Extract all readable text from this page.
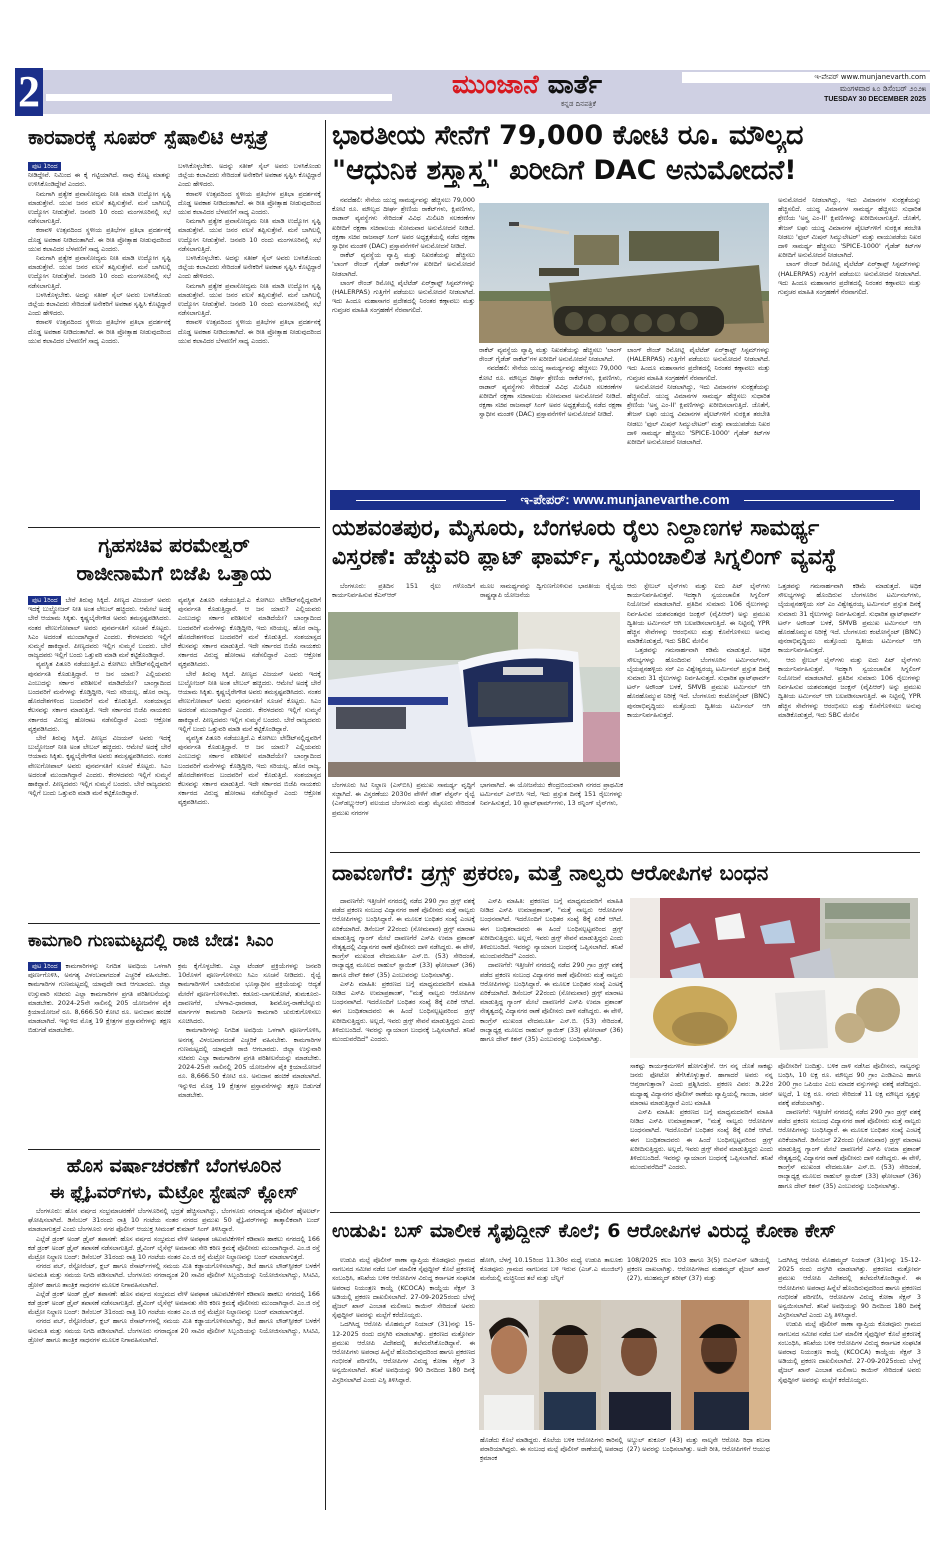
2	ಮುಂಜಾನೆ ವಾರ್ತೆ
ಕನ್ನಡ ದಿನಪತ್ರಿಕೆ
ಇ-ಪೇಪರ್ www.munjanevarth.com
ಮಂಗಳವಾರ ೩೦ ಡಿಸೆಂಬರ್ ೨೦೨೫
TUESDAY 30 DECEMBER 2025
ಕಾರವಾರಕ್ಕೆ ಸೂಪರ್ ಸ್ಪೆಷಾಲಿಟಿ ಆಸ್ಪತ್ರೆ

ಪುಟ 1ರಿಂದ

ನೀಡಿದ್ದೇವೆ. ನಿಮಿಂದ ಈ ಕೈ ಗಟ್ಟಿಯಾಗಿದೆ. ನಾವು ಕೊಟ್ಟ ಮಾತನ್ನು ಉಳಿಸಿಕೊಂಡಿದ್ದೇವೆ ಎಂದರು.

ನಿಮಗಾಗಿ ಪ್ರತ್ಯೇಕ ಪ್ರವಾಸೋದ್ಯಮ ನೀತಿ ಮಾಡಿ ಉದ್ಯೋಗ ಸೃಷ್ಟಿ ಮಾಡುತ್ತೇವೆ. ಯುವ ಜನರ ವಲಸೆ ತಪ್ಪಿಸುತ್ತೇವೆ. ಮನೆ ಬಾಗಿಲಲ್ಲಿ ಉದ್ಯೋಗ ನೀಡುತ್ತೇವೆ. ಜನವರಿ 10 ರಂದು ಮಂಗಳೂರಿನಲ್ಲಿ ಸಭೆ ನಡೆಸಲಾಗುತ್ತಿದೆ.

ಕರಾವಳಿ ಉತ್ಸವದಿಂದ ಸ್ಥಳೀಯ ಪ್ರತಿಭೆಗಳ ಪ್ರತಿಭಾ ಪ್ರದರ್ಶನಕ್ಕೆ ದೊಡ್ಡ ಅವಕಾಶ ನೀಡಿದಂತಾಗಿದೆ. ಈ ರೀತಿ ಪ್ರೋತ್ಸಾಹ ನೀಡುವುದರಿಂದ ಯುವ ಕಲಾವಿದರ ಬೆಳವಣಿಗೆ ಸಾಧ್ಯ ಎಂದರು.

ನಿಮಗಾಗಿ ಪ್ರತ್ಯೇಕ ಪ್ರವಾಸೋದ್ಯಮ ನೀತಿ ಮಾಡಿ ಉದ್ಯೋಗ ಸೃಷ್ಟಿ ಮಾಡುತ್ತೇವೆ. ಯುವ ಜನರ ವಲಸೆ ತಪ್ಪಿಸುತ್ತೇವೆ. ಮನೆ ಬಾಗಿಲಲ್ಲಿ ಉದ್ಯೋಗ ನೀಡುತ್ತೇವೆ. ಜನವರಿ 10 ರಂದು ಮಂಗಳೂರಿನಲ್ಲಿ ಸಭೆ ನಡೆಸಲಾಗುತ್ತಿದೆ.

ಬಳಸಿಕೊಳ್ಳಬೇಕು. ಅದನ್ನು ಸತೀಶ್ ಸೈಲ್ ಅವರು ಬಳಸಿಕೊಂಡು ಜಿಲ್ಲೆಯ ಕಲಾವಿದರು ಸೇರಿದಂತೆ ಅನೇಕರಿಗೆ ಅವಕಾಶ ಸೃಷ್ಟಿಸಿ ಕೊಟ್ಟಿದ್ದಾರೆ ಎಂದು ಹೇಳಿದರು.

ಕರಾವಳಿ ಉತ್ಸವದಿಂದ ಸ್ಥಳೀಯ ಪ್ರತಿಭೆಗಳ ಪ್ರತಿಭಾ ಪ್ರದರ್ಶನಕ್ಕೆ ದೊಡ್ಡ ಅವಕಾಶ ನೀಡಿದಂತಾಗಿದೆ. ಈ ರೀತಿ ಪ್ರೋತ್ಸಾಹ ನೀಡುವುದರಿಂದ ಯುವ ಕಲಾವಿದರ ಬೆಳವಣಿಗೆ ಸಾಧ್ಯ ಎಂದರು.

ಬಳಸಿಕೊಳ್ಳಬೇಕು. ಅದನ್ನು ಸತೀಶ್ ಸೈಲ್ ಅವರು ಬಳಸಿಕೊಂಡು ಜಿಲ್ಲೆಯ ಕಲಾವಿದರು ಸೇರಿದಂತೆ ಅನೇಕರಿಗೆ ಅವಕಾಶ ಸೃಷ್ಟಿಸಿ ಕೊಟ್ಟಿದ್ದಾರೆ ಎಂದು ಹೇಳಿದರು.

ಕರಾವಳಿ ಉತ್ಸವದಿಂದ ಸ್ಥಳೀಯ ಪ್ರತಿಭೆಗಳ ಪ್ರತಿಭಾ ಪ್ರದರ್ಶನಕ್ಕೆ ದೊಡ್ಡ ಅವಕಾಶ ನೀಡಿದಂತಾಗಿದೆ. ಈ ರೀತಿ ಪ್ರೋತ್ಸಾಹ ನೀಡುವುದರಿಂದ ಯುವ ಕಲಾವಿದರ ಬೆಳವಣಿಗೆ ಸಾಧ್ಯ ಎಂದರು.

ನಿಮಗಾಗಿ ಪ್ರತ್ಯೇಕ ಪ್ರವಾಸೋದ್ಯಮ ನೀತಿ ಮಾಡಿ ಉದ್ಯೋಗ ಸೃಷ್ಟಿ ಮಾಡುತ್ತೇವೆ. ಯುವ ಜನರ ವಲಸೆ ತಪ್ಪಿಸುತ್ತೇವೆ. ಮನೆ ಬಾಗಿಲಲ್ಲಿ ಉದ್ಯೋಗ ನೀಡುತ್ತೇವೆ. ಜನವರಿ 10 ರಂದು ಮಂಗಳೂರಿನಲ್ಲಿ ಸಭೆ ನಡೆಸಲಾಗುತ್ತಿದೆ.

ಬಳಸಿಕೊಳ್ಳಬೇಕು. ಅದನ್ನು ಸತೀಶ್ ಸೈಲ್ ಅವರು ಬಳಸಿಕೊಂಡು ಜಿಲ್ಲೆಯ ಕಲಾವಿದರು ಸೇರಿದಂತೆ ಅನೇಕರಿಗೆ ಅವಕಾಶ ಸೃಷ್ಟಿಸಿ ಕೊಟ್ಟಿದ್ದಾರೆ ಎಂದು ಹೇಳಿದರು.

ನಿಮಗಾಗಿ ಪ್ರತ್ಯೇಕ ಪ್ರವಾಸೋದ್ಯಮ ನೀತಿ ಮಾಡಿ ಉದ್ಯೋಗ ಸೃಷ್ಟಿ ಮಾಡುತ್ತೇವೆ. ಯುವ ಜನರ ವಲಸೆ ತಪ್ಪಿಸುತ್ತೇವೆ. ಮನೆ ಬಾಗಿಲಲ್ಲಿ ಉದ್ಯೋಗ ನೀಡುತ್ತೇವೆ. ಜನವರಿ 10 ರಂದು ಮಂಗಳೂರಿನಲ್ಲಿ ಸಭೆ ನಡೆಸಲಾಗುತ್ತಿದೆ.

ಕರಾವಳಿ ಉತ್ಸವದಿಂದ ಸ್ಥಳೀಯ ಪ್ರತಿಭೆಗಳ ಪ್ರತಿಭಾ ಪ್ರದರ್ಶನಕ್ಕೆ ದೊಡ್ಡ ಅವಕಾಶ ನೀಡಿದಂತಾಗಿದೆ. ಈ ರೀತಿ ಪ್ರೋತ್ಸಾಹ ನೀಡುವುದರಿಂದ ಯುವ ಕಲಾವಿದರ ಬೆಳವಣಿಗೆ ಸಾಧ್ಯ ಎಂದರು.

ಭಾರತೀಯ ಸೇನೆಗೆ 79,000 ಕೋಟಿ ರೂ. ಮೌಲ್ಯದ
"ಆಧುನಿಕ ಶಸ್ತ್ರಾಸ್ತ್ರ" ಖರೀದಿಗೆ DAC ಅನುಮೋದನೆ!

ನವದೆಹಲಿ: ಸೇನೆಯ ಯುದ್ಧ ಸಾಮರ್ಥ್ಯವನ್ನು ಹೆಚ್ಚಿಸಲು 79,000 ಕೋಟಿ ರೂ. ಮೌಲ್ಯದ ದೀರ್ಘ ಶ್ರೇಣಿಯ ರಾಕೆಟ್‌ಗಳು, ಕ್ಷಿಪಣಿಗಳು, ರಾಡಾರ್ ವ್ಯವಸ್ಥೆಗಳು ಸೇರಿದಂತೆ ವಿವಿಧ ಮಿಲಿಟರಿ ಸಲಕರಣೆಗಳ ಖರೀದಿಗೆ ರಕ್ಷಣಾ ಸಚಿವಾಲಯ ಸೋಮವಾರ ಅನುಮೋದನೆ ನೀಡಿದೆ. ರಕ್ಷಣಾ ಸಚಿವ ರಾಜನಾಥ್ ಸಿಂಗ್ ಅವರ ಅಧ್ಯಕ್ಷತೆಯಲ್ಲಿ ನಡೆದ ರಕ್ಷಣಾ ಸ್ವಾಧೀನ ಮಂಡಳಿ (DAC) ಪ್ರಸ್ತಾವನೆಗಳಿಗೆ ಅನುಮೋದನೆ ನೀಡಿದೆ.

ರಾಕೆಟ್ ವ್ಯವಸ್ಥೆಯ ವ್ಯಾಪ್ತಿ ಮತ್ತು ನಿಖರತೆಯನ್ನು ಹೆಚ್ಚಿಸಲು 'ಲಾಂಗ್ ರೇಂಜ್ ಗೈಡೆಡ್ ರಾಕೆಟ್'ಗಳ ಖರೀದಿಗೆ ಅನುಮೋದನೆ ನೀಡಲಾಗಿದೆ.

ಲಾಂಗ್ ರೇಂಜ್ ರಿಮೋಟ್ಲಿ ಪೈಲೆಟೆಡ್ ಏರ್‌ಕ್ರಾಫ್ಟ್ ಸಿಸ್ಟಮ್‌ಗಳನ್ನು (HALERPAS) ಗುತ್ತಿಗೆಗೆ ಪಡೆಯಲು ಅನುಮೋದನೆ ನೀಡಲಾಗಿದೆ. ಇದು ಹಿಂದೂ ಮಹಾಸಾಗರ ಪ್ರದೇಶದಲ್ಲಿ ನಿರಂತರ ಕಣ್ಗಾವಲು ಮತ್ತು ಗುಪ್ತಚರ ಮಾಹಿತಿ ಸಂಗ್ರಹಣೆಗೆ ನೆರವಾಗಲಿದೆ.

ರಾಕೆಟ್ ವ್ಯವಸ್ಥೆಯ ವ್ಯಾಪ್ತಿ ಮತ್ತು ನಿಖರತೆಯನ್ನು ಹೆಚ್ಚಿಸಲು 'ಲಾಂಗ್ ರೇಂಜ್ ಗೈಡೆಡ್ ರಾಕೆಟ್'ಗಳ ಖರೀದಿಗೆ ಅನುಮೋದನೆ ನೀಡಲಾಗಿದೆ.

ನವದೆಹಲಿ: ಸೇನೆಯ ಯುದ್ಧ ಸಾಮರ್ಥ್ಯವನ್ನು ಹೆಚ್ಚಿಸಲು 79,000 ಕೋಟಿ ರೂ. ಮೌಲ್ಯದ ದೀರ್ಘ ಶ್ರೇಣಿಯ ರಾಕೆಟ್‌ಗಳು, ಕ್ಷಿಪಣಿಗಳು, ರಾಡಾರ್ ವ್ಯವಸ್ಥೆಗಳು ಸೇರಿದಂತೆ ವಿವಿಧ ಮಿಲಿಟರಿ ಸಲಕರಣೆಗಳ ಖರೀದಿಗೆ ರಕ್ಷಣಾ ಸಚಿವಾಲಯ ಸೋಮವಾರ ಅನುಮೋದನೆ ನೀಡಿದೆ. ರಕ್ಷಣಾ ಸಚಿವ ರಾಜನಾಥ್ ಸಿಂಗ್ ಅವರ ಅಧ್ಯಕ್ಷತೆಯಲ್ಲಿ ನಡೆದ ರಕ್ಷಣಾ ಸ್ವಾಧೀನ ಮಂಡಳಿ (DAC) ಪ್ರಸ್ತಾವನೆಗಳಿಗೆ ಅನುಮೋದನೆ ನೀಡಿದೆ.

ಲಾಂಗ್ ರೇಂಜ್ ರಿಮೋಟ್ಲಿ ಪೈಲೆಟೆಡ್ ಏರ್‌ಕ್ರಾಫ್ಟ್ ಸಿಸ್ಟಮ್‌ಗಳನ್ನು (HALERPAS) ಗುತ್ತಿಗೆಗೆ ಪಡೆಯಲು ಅನುಮೋದನೆ ನೀಡಲಾಗಿದೆ. ಇದು ಹಿಂದೂ ಮಹಾಸಾಗರ ಪ್ರದೇಶದಲ್ಲಿ ನಿರಂತರ ಕಣ್ಗಾವಲು ಮತ್ತು ಗುಪ್ತಚರ ಮಾಹಿತಿ ಸಂಗ್ರಹಣೆಗೆ ನೆರವಾಗಲಿದೆ.

ಅನುಮೋದನೆ ನೀಡಲಾಗಿದ್ದು, ಇದು ವಿಮಾನಗಳ ಸುರಕ್ಷತೆಯನ್ನು ಹೆಚ್ಚಿಸಲಿದೆ. ಯುದ್ಧ ವಿಮಾನಗಳ ಸಾಮರ್ಥ್ಯ ಹೆಚ್ಚಿಸಲು ಸುಧಾರಿತ ಶ್ರೇಣಿಯ 'ಅಸ್ತ್ರ ಎಂ-II' ಕ್ಷಿಪಣಿಗಳನ್ನು ಖರೀದಿಸಲಾಗುತ್ತಿದೆ. ಜೊತೆಗೆ, ತೇಜಸ್ ಲಘು ಯುದ್ಧ ವಿಮಾನಗಳ ಪೈಲಟ್‌ಗಳಿಗೆ ಸುರಕ್ಷಿತ ತರಬೇತಿ ನೀಡಲು 'ಫುಲ್ ಮಿಷನ್ ಸಿಮ್ಯುಲೇಟರ್' ಮತ್ತು ವಾಯುಪಡೆಯ ನಿಖರ ದಾಳಿ ಸಾಮರ್ಥ್ಯ ಹೆಚ್ಚಿಸಲು 'SPICE-1000' ಗೈಡೆಡ್ ಕಿಟ್‌ಗಳ ಖರೀದಿಗೆ ಅನುಮೋದನೆ ನೀಡಲಾಗಿದೆ.

ಅನುಮೋದನೆ ನೀಡಲಾಗಿದ್ದು, ಇದು ವಿಮಾನಗಳ ಸುರಕ್ಷತೆಯನ್ನು ಹೆಚ್ಚಿಸಲಿದೆ. ಯುದ್ಧ ವಿಮಾನಗಳ ಸಾಮರ್ಥ್ಯ ಹೆಚ್ಚಿಸಲು ಸುಧಾರಿತ ಶ್ರೇಣಿಯ 'ಅಸ್ತ್ರ ಎಂ-II' ಕ್ಷಿಪಣಿಗಳನ್ನು ಖರೀದಿಸಲಾಗುತ್ತಿದೆ. ಜೊತೆಗೆ, ತೇಜಸ್ ಲಘು ಯುದ್ಧ ವಿಮಾನಗಳ ಪೈಲಟ್‌ಗಳಿಗೆ ಸುರಕ್ಷಿತ ತರಬೇತಿ ನೀಡಲು 'ಫುಲ್ ಮಿಷನ್ ಸಿಮ್ಯುಲೇಟರ್' ಮತ್ತು ವಾಯುಪಡೆಯ ನಿಖರ ದಾಳಿ ಸಾಮರ್ಥ್ಯ ಹೆಚ್ಚಿಸಲು 'SPICE-1000' ಗೈಡೆಡ್ ಕಿಟ್‌ಗಳ ಖರೀದಿಗೆ ಅನುಮೋದನೆ ನೀಡಲಾಗಿದೆ.

ಲಾಂಗ್ ರೇಂಜ್ ರಿಮೋಟ್ಲಿ ಪೈಲೆಟೆಡ್ ಏರ್‌ಕ್ರಾಫ್ಟ್ ಸಿಸ್ಟಮ್‌ಗಳನ್ನು (HALERPAS) ಗುತ್ತಿಗೆಗೆ ಪಡೆಯಲು ಅನುಮೋದನೆ ನೀಡಲಾಗಿದೆ. ಇದು ಹಿಂದೂ ಮಹಾಸಾಗರ ಪ್ರದೇಶದಲ್ಲಿ ನಿರಂತರ ಕಣ್ಗಾವಲು ಮತ್ತು ಗುಪ್ತಚರ ಮಾಹಿತಿ ಸಂಗ್ರಹಣೆಗೆ ನೆರವಾಗಲಿದೆ.

ಇ-ಪೇಪರ್: www.munjanevarthe.com
ಯಶವಂತಪುರ, ಮೈಸೂರು, ಬೆಂಗಳೂರು ರೈಲು ನಿಲ್ದಾಣಗಳ ಸಾಮರ್ಥ್ಯ
ವಿಸ್ತರಣೆ: ಹೆಚ್ಚುವರಿ ಪ್ಲಾಟ್ ಫಾರ್ಮ್, ಸ್ವಯಂಚಾಲಿತ ಸಿಗ್ನಲಿಂಗ್ ವ್ಯವಸ್ಥೆ

ಬೆಂಗಳೂರು: ಪ್ರತಿದಿನ 151 ರೈಲು ಗಳೊಂದಿಗೆ ಕಾರ್ಯನಿರ್ವಹಿಸುವ ಕೆಎಸ್ಆರ್

ಮೂಲ ಸಾಮರ್ಥ್ಯವನ್ನು ದ್ವಿಗುಣಗೊಳಿಸುವ ಭಾರತೀಯ ರೈಲ್ವೆಯ ರಾಷ್ಟ್ರವ್ಯಾಪಿ ಯೋಜನೆಯ

ಬೆಂಗಳೂರು ಸಿಟಿ ನಿಲ್ದಾಣ (ಎಸ್‌ಬಿಸಿ) ಪ್ರಮುಖ ಸಾಮರ್ಥ್ಯ ವೃದ್ಧಿಗೆ ಸಜ್ಜಾಗಿದೆ. ಈ ವಿಸ್ತರಣೆಯು 2030ರ ವೇಳೆಗೆ ಸೌತ್ ವೆಸ್ಟರ್ನ್ ರೈಲ್ವೆ (ಎಸ್‌ಡಬ್ಲ್ಯುಆರ್) ವಲಯದ ಬೆಂಗಳೂರು ಮತ್ತು ಮೈಸೂರು ಸೇರಿದಂತೆ ಪ್ರಮುಖ ನಗರಗಳ

ಭಾಗವಾಗಿದೆ. ಈ ಯೋಜನೆಯು ಕೇಂದ್ರಬಿಂದುವಾಗಿ ನಗರದ ಪ್ರಾಥಮಿಕ ಟರ್ಮಿನಲ್ ಎಸ್‌ಬಿಸಿ ಇದೆ, ಇದು ಪ್ರಸ್ತುತ ದಿನಕ್ಕೆ 151 ರೈಲುಗಳನ್ನು ನಿರ್ವಹಿಸುತ್ತದೆ, 10 ಪ್ಲಾಟ್‌ಫಾರ್ಮ್‌ಗಳು, 13 ರನ್ನಿಂಗ್ ಲೈನ್‌ಗಳು,

ಆರು ಸ್ಟೇಬಲ್ ಲೈನ್‌ಗಳು ಮತ್ತು ಐದು ಪಿಟ್ ಲೈನ್‌ಗಳು ಕಾರ್ಯನಿರ್ವಹಿಸುತ್ತವೆ. ಇದಕ್ಕಾಗಿ ಸ್ವಯಂಚಾಲಿತ ಸಿಗ್ನಲಿಂಗ್ ನಿಯೋಜನೆ ಮಾಡಲಾಗಿದೆ. ಪ್ರತಿದಿನ ಸುಮಾರು 106 ರೈಲುಗಳನ್ನು ನಿರ್ವಹಿಸುವ ಯಶವಂತಪುರ ಜಂಕ್ಷನ್ (ವೈಪಿಆರ್) ಅನ್ನು ಪ್ರಮುಖ ದ್ವಿತೀಯ ಟರ್ಮಿನಲ್ ಆಗಿ ಬಲಪಡಿಸಲಾಗುತ್ತಿದೆ. ಈ ನಿಟ್ಟಿನಲ್ಲಿ YPR ಹೆಚ್ಚಿನ ಸೇವೆಗಳನ್ನು ಆರಂಭಿಸಲು ಮತ್ತು ಕೊನೆಗೊಳಿಸಲು ಅನುವು ಮಾಡಿಕೊಡುತ್ತದೆ, ಇದು SBC ಮೇಲಿನ

ಒತ್ತಡವನ್ನು ಗಮನಾರ್ಹವಾಗಿ ಕಡಿಮೆ ಮಾಡುತ್ತದೆ. ಅಧಿಕ ಸೌಲಭ್ಯಗಳನ್ನು ಹೊಂದಿರುವ ಬೆಂಗಳೂರಿನ ಟರ್ಮಿನಲ್‌ಗಳು, ಬೈಯಪ್ಪನಹಳ್ಳಿಯ ಸರ್ ಎಂ ವಿಶ್ವೇಶ್ವರಯ್ಯ ಟರ್ಮಿನಲ್ ಪ್ರಸ್ತುತ ದಿನಕ್ಕೆ ಸುಮಾರು 31 ರೈಲುಗಳನ್ನು ನಿರ್ವಹಿಸುತ್ತದೆ. ಸುಧಾರಿತ ಪ್ಲಾಟ್‌ಫಾರ್ಮ್ ಟರ್ನ್ ಅರೌಂಡ್ ಬಳಕೆ, SMVB ಪ್ರಮುಖ ಟರ್ಮಿನಲ್ ಆಗಿ ಹೊರಹೊಮ್ಮುವ ನಿರೀಕ್ಷೆ ಇದೆ. ಬೆಂಗಳೂರು ಕಂಟೋನ್ಮೆಂಟ್ (BNC) ಪುನರಾಭಿವೃದ್ಧಿಯು ಮತ್ತೊಂದು ದ್ವಿತೀಯ ಟರ್ಮಿನಲ್ ಆಗಿ ಕಾರ್ಯನಿರ್ವಹಿಸುತ್ತದೆ.

ಒತ್ತಡವನ್ನು ಗಮನಾರ್ಹವಾಗಿ ಕಡಿಮೆ ಮಾಡುತ್ತದೆ. ಅಧಿಕ ಸೌಲಭ್ಯಗಳನ್ನು ಹೊಂದಿರುವ ಬೆಂಗಳೂರಿನ ಟರ್ಮಿನಲ್‌ಗಳು, ಬೈಯಪ್ಪನಹಳ್ಳಿಯ ಸರ್ ಎಂ ವಿಶ್ವೇಶ್ವರಯ್ಯ ಟರ್ಮಿನಲ್ ಪ್ರಸ್ತುತ ದಿನಕ್ಕೆ ಸುಮಾರು 31 ರೈಲುಗಳನ್ನು ನಿರ್ವಹಿಸುತ್ತದೆ. ಸುಧಾರಿತ ಪ್ಲಾಟ್‌ಫಾರ್ಮ್ ಟರ್ನ್ ಅರೌಂಡ್ ಬಳಕೆ, SMVB ಪ್ರಮುಖ ಟರ್ಮಿನಲ್ ಆಗಿ ಹೊರಹೊಮ್ಮುವ ನಿರೀಕ್ಷೆ ಇದೆ. ಬೆಂಗಳೂರು ಕಂಟೋನ್ಮೆಂಟ್ (BNC) ಪುನರಾಭಿವೃದ್ಧಿಯು ಮತ್ತೊಂದು ದ್ವಿತೀಯ ಟರ್ಮಿನಲ್ ಆಗಿ ಕಾರ್ಯನಿರ್ವಹಿಸುತ್ತದೆ.

ಆರು ಸ್ಟೇಬಲ್ ಲೈನ್‌ಗಳು ಮತ್ತು ಐದು ಪಿಟ್ ಲೈನ್‌ಗಳು ಕಾರ್ಯನಿರ್ವಹಿಸುತ್ತವೆ. ಇದಕ್ಕಾಗಿ ಸ್ವಯಂಚಾಲಿತ ಸಿಗ್ನಲಿಂಗ್ ನಿಯೋಜನೆ ಮಾಡಲಾಗಿದೆ. ಪ್ರತಿದಿನ ಸುಮಾರು 106 ರೈಲುಗಳನ್ನು ನಿರ್ವಹಿಸುವ ಯಶವಂತಪುರ ಜಂಕ್ಷನ್ (ವೈಪಿಆರ್) ಅನ್ನು ಪ್ರಮುಖ ದ್ವಿತೀಯ ಟರ್ಮಿನಲ್ ಆಗಿ ಬಲಪಡಿಸಲಾಗುತ್ತಿದೆ. ಈ ನಿಟ್ಟಿನಲ್ಲಿ YPR ಹೆಚ್ಚಿನ ಸೇವೆಗಳನ್ನು ಆರಂಭಿಸಲು ಮತ್ತು ಕೊನೆಗೊಳಿಸಲು ಅನುವು ಮಾಡಿಕೊಡುತ್ತದೆ, ಇದು SBC ಮೇಲಿನ

ಗೃಹಸಚಿವ ಪರಮೇಶ್ವರ್
ರಾಜೀನಾಮೆಗೆ ಬಿಜೆಪಿ ಒತ್ತಾಯ

ಪುಟ 1ರಿಂದ ಬೇರೆ ತಿರುವು ಸಿಕ್ಕಿದೆ. ಪೀಣ್ಯದ ವಿಜಯನ್ ಅವರು ಇದಕ್ಕೆ ಬುಲ್ಡೋಜರ್ ನೀತಿ ಅಂತ ಲೇಬಲ್ ಹಚ್ಚಿದರು. ಆಮೇಲೆ ಅದಕ್ಕೆ ಬೇರೆ ಆಯಾಮ ಸಿಕ್ಕಿತು. ಕೃಷ್ಣಬೈರೇಗೌಡ ಅವರು ತಮಸ್ಪಷ್ಟಪಡಿಸಿದರು. ನಂತರ ವೇಣುಗೋಪಾಲ್ ಅವರು ಪುನರ್ವಸತಿಗೆ ಸೂಚನೆ ಕೊಟ್ಟರು. ಸಿಎಂ ಅದರಂತೆ ಮುಂದಾಗಿದ್ದಾರೆ ಎಂದರು. ಕೇರಳದವರು ಇಲ್ಲಿಗೆ ಸುಮ್ಮನೆ ಹಾಕಿದ್ದಾರೆ. ಪೀಣ್ಯದವರು ಇಲ್ಲಿಗ ಸುಮ್ಮನೆ ಬಂದರು. ಬೇರೆ ರಾಜ್ಯದವರು ಇಲ್ಲಿಗೆ ಬಂದು ಒತ್ತುವರಿ ಮಾಡಿ ಮನೆ ಕಟ್ಟಿಕೊಂಡಿದ್ದಾರೆ.

ವ್ಯವಸ್ಥಿತ ಪಿತೂರಿ ನಡೆಯುತ್ತಿದೆ.ಎ ಕೋಗಿಲು ಲೇಔಟ್‌ನಲ್ಲಿದ್ದವರಿಗೆ ಪುನರ್ವಸತಿ ಕೊಡುತ್ತಿದ್ದಾರೆ. ಆ ಜನ ಯಾರು? ಎಲ್ಲಿಯವರು ಎಂಬುದನ್ನು ಸರ್ಕಾರ ಪರಿಶೀಲನೆ ಮಾಡಿದೆಯೇ? ಬಾಂಗ್ಲಾದಿಂದ ಬಂದವರಿಗೆ ಮನೆಗಳನ್ನು ಕೊಡ್ತಿದ್ದೀರಿ, ಇದು ಸರಿಯಲ್ಲ. ಹೊರ ರಾಜ್ಯ, ಹೊರದೇಶಗಳಿಂದ ಬಂದವರಿಗೆ ಮನೆ ಕೊಡುತ್ತಿದೆ. ಸಂಶಯಾಸ್ಪದ ಕೆಲಸವನ್ನು ಸರ್ಕಾರ ಮಾಡುತ್ತಿದೆ. ಇದೇ ಸರ್ಕಾರದ ಬಿಜೆಪಿ ನಾಯಕರು ಸರ್ಕಾರದ ವಿರುದ್ಧ ಹೋರಾಟ ನಡೆಸಲಿದ್ದಾರೆ ಎಂದು ಆಕ್ರೋಶ ವ್ಯಕ್ತಪಡಿಸಿದರು.

ಬೇರೆ ತಿರುವು ಸಿಕ್ಕಿದೆ. ಪೀಣ್ಯದ ವಿಜಯನ್ ಅವರು ಇದಕ್ಕೆ ಬುಲ್ಡೋಜರ್ ನೀತಿ ಅಂತ ಲೇಬಲ್ ಹಚ್ಚಿದರು. ಆಮೇಲೆ ಅದಕ್ಕೆ ಬೇರೆ ಆಯಾಮ ಸಿಕ್ಕಿತು. ಕೃಷ್ಣಬೈರೇಗೌಡ ಅವರು ತಮಸ್ಪಷ್ಟಪಡಿಸಿದರು. ನಂತರ ವೇಣುಗೋಪಾಲ್ ಅವರು ಪುನರ್ವಸತಿಗೆ ಸೂಚನೆ ಕೊಟ್ಟರು. ಸಿಎಂ ಅದರಂತೆ ಮುಂದಾಗಿದ್ದಾರೆ ಎಂದರು. ಕೇರಳದವರು ಇಲ್ಲಿಗೆ ಸುಮ್ಮನೆ ಹಾಕಿದ್ದಾರೆ. ಪೀಣ್ಯದವರು ಇಲ್ಲಿಗ ಸುಮ್ಮನೆ ಬಂದರು. ಬೇರೆ ರಾಜ್ಯದವರು ಇಲ್ಲಿಗೆ ಬಂದು ಒತ್ತುವರಿ ಮಾಡಿ ಮನೆ ಕಟ್ಟಿಕೊಂಡಿದ್ದಾರೆ.

ವ್ಯವಸ್ಥಿತ ಪಿತೂರಿ ನಡೆಯುತ್ತಿದೆ.ಎ ಕೋಗಿಲು ಲೇಔಟ್‌ನಲ್ಲಿದ್ದವರಿಗೆ ಪುನರ್ವಸತಿ ಕೊಡುತ್ತಿದ್ದಾರೆ. ಆ ಜನ ಯಾರು? ಎಲ್ಲಿಯವರು ಎಂಬುದನ್ನು ಸರ್ಕಾರ ಪರಿಶೀಲನೆ ಮಾಡಿದೆಯೇ? ಬಾಂಗ್ಲಾದಿಂದ ಬಂದವರಿಗೆ ಮನೆಗಳನ್ನು ಕೊಡ್ತಿದ್ದೀರಿ, ಇದು ಸರಿಯಲ್ಲ. ಹೊರ ರಾಜ್ಯ, ಹೊರದೇಶಗಳಿಂದ ಬಂದವರಿಗೆ ಮನೆ ಕೊಡುತ್ತಿದೆ. ಸಂಶಯಾಸ್ಪದ ಕೆಲಸವನ್ನು ಸರ್ಕಾರ ಮಾಡುತ್ತಿದೆ. ಇದೇ ಸರ್ಕಾರದ ಬಿಜೆಪಿ ನಾಯಕರು ಸರ್ಕಾರದ ವಿರುದ್ಧ ಹೋರಾಟ ನಡೆಸಲಿದ್ದಾರೆ ಎಂದು ಆಕ್ರೋಶ ವ್ಯಕ್ತಪಡಿಸಿದರು.

ಬೇರೆ ತಿರುವು ಸಿಕ್ಕಿದೆ. ಪೀಣ್ಯದ ವಿಜಯನ್ ಅವರು ಇದಕ್ಕೆ ಬುಲ್ಡೋಜರ್ ನೀತಿ ಅಂತ ಲೇಬಲ್ ಹಚ್ಚಿದರು. ಆಮೇಲೆ ಅದಕ್ಕೆ ಬೇರೆ ಆಯಾಮ ಸಿಕ್ಕಿತು. ಕೃಷ್ಣಬೈರೇಗೌಡ ಅವರು ತಮಸ್ಪಷ್ಟಪಡಿಸಿದರು. ನಂತರ ವೇಣುಗೋಪಾಲ್ ಅವರು ಪುನರ್ವಸತಿಗೆ ಸೂಚನೆ ಕೊಟ್ಟರು. ಸಿಎಂ ಅದರಂತೆ ಮುಂದಾಗಿದ್ದಾರೆ ಎಂದರು. ಕೇರಳದವರು ಇಲ್ಲಿಗೆ ಸುಮ್ಮನೆ ಹಾಕಿದ್ದಾರೆ. ಪೀಣ್ಯದವರು ಇಲ್ಲಿಗ ಸುಮ್ಮನೆ ಬಂದರು. ಬೇರೆ ರಾಜ್ಯದವರು ಇಲ್ಲಿಗೆ ಬಂದು ಒತ್ತುವರಿ ಮಾಡಿ ಮನೆ ಕಟ್ಟಿಕೊಂಡಿದ್ದಾರೆ.

ವ್ಯವಸ್ಥಿತ ಪಿತೂರಿ ನಡೆಯುತ್ತಿದೆ.ಎ ಕೋಗಿಲು ಲೇಔಟ್‌ನಲ್ಲಿದ್ದವರಿಗೆ ಪುನರ್ವಸತಿ ಕೊಡುತ್ತಿದ್ದಾರೆ. ಆ ಜನ ಯಾರು? ಎಲ್ಲಿಯವರು ಎಂಬುದನ್ನು ಸರ್ಕಾರ ಪರಿಶೀಲನೆ ಮಾಡಿದೆಯೇ? ಬಾಂಗ್ಲಾದಿಂದ ಬಂದವರಿಗೆ ಮನೆಗಳನ್ನು ಕೊಡ್ತಿದ್ದೀರಿ, ಇದು ಸರಿಯಲ್ಲ. ಹೊರ ರಾಜ್ಯ, ಹೊರದೇಶಗಳಿಂದ ಬಂದವರಿಗೆ ಮನೆ ಕೊಡುತ್ತಿದೆ. ಸಂಶಯಾಸ್ಪದ ಕೆಲಸವನ್ನು ಸರ್ಕಾರ ಮಾಡುತ್ತಿದೆ. ಇದೇ ಸರ್ಕಾರದ ಬಿಜೆಪಿ ನಾಯಕರು ಸರ್ಕಾರದ ವಿರುದ್ಧ ಹೋರಾಟ ನಡೆಸಲಿದ್ದಾರೆ ಎಂದು ಆಕ್ರೋಶ ವ್ಯಕ್ತಪಡಿಸಿದರು.

ಕಾಮಗಾರಿ ಗುಣಮಟ್ಟದಲ್ಲಿ ರಾಜಿ ಬೇಡ: ಸಿಎಂ

ಪುಟ 1ರಿಂದ ಕಾಮಗಾರಿಗಳನ್ನು ನಿಗದಿತ ಅವಧಿಯ ಒಳಗಾಗಿ ಪೂರ್ಣಗೊಳಿಸಿ, ಅನಗತ್ಯ ವಿಳಂಬವಾಗದಂತೆ ಎಚ್ಚರಿಕೆ ವಹಿಸಬೇಕು. ಕಾಮಗಾರಿಗಳ ಗುಣಮಟ್ಟದಲ್ಲಿ ಯಾವುದೇ ರಾಜಿ ಆಗಬಾರದು. ಜಿಲ್ಲಾ ಉಸ್ತುವಾರಿ ಸಚಿವರು ಎಲ್ಲಾ ಕಾಮಗಾರಿಗಳ ಪ್ರಗತಿ ಪರಿಶೀಲನೆಯನ್ನು ಮಾಡಬೇಕು. 2024-25ನೇ ಸಾಲಿನಲ್ಲಿ 205 ಯೋಜನೆಗಳ ಪೈಕಿ ಕ್ರಿಯಾಯೋಜನೆ ರೂ. 8,666.50 ಕೋಟಿ ರೂ. ಅನುದಾನ ಹಂಚಿಕೆ ಮಾಡಲಾಗಿದೆ. ಇನ್ನುಳಿದ ಮೊತ್ತ 19 ಕ್ಷೇತ್ರಗಳ ಪ್ರಸ್ತಾವನೆಗಳನ್ನು ತಕ್ಷಣ ಬಿಡುಗಡೆ ಮಾಡಬೇಕು.

ಕ್ರಮ ಕೈಗೊಳ್ಳಬೇಕು. ಎಲ್ಲಾ ಟೆಂಡರ್ ಪ್ರಕ್ರಿಯೆಗಳನ್ನು ಜನವರಿ 10ರೊಳಗೆ ಪೂರ್ಣಗೊಳಿಸಲು ಸಿಎಂ ಸೂಚನೆ ನೀಡಿದರು. ರೈಲ್ವೆ ಕಾಮಗಾರಿಗಳಿಗೆ ಬಾಕಿಯಿರುವ ಭೂಸ್ವಾಧೀನ ಪ್ರಕ್ರಿಯೆಯನ್ನು ಆದ್ಯತೆ ಮೇರೆಗೆ ಪೂರ್ಣಗೊಳಿಸಬೇಕು. ಕಡೂರು-ಬಾಗಲಕೋಟೆ, ತುಮಕೂರು-ದಾವಣಗೆರೆ, ಬೆಳಗಾವಿ-ಧಾರವಾಡ, ಶಿವಮೊಗ್ಗ-ರಾಣೆಬೆನ್ನೂರು ಮಾರ್ಗಗಳ ಕಾಮಗಾರಿ ನಿರ್ಮಾಣ ಕಾಮಗಾರಿ ಚುರುಕುಗೊಳಿಸಲು ಸೂಚಿಸಿದರು.

ಕಾಮಗಾರಿಗಳನ್ನು ನಿಗದಿತ ಅವಧಿಯ ಒಳಗಾಗಿ ಪೂರ್ಣಗೊಳಿಸಿ, ಅನಗತ್ಯ ವಿಳಂಬವಾಗದಂತೆ ಎಚ್ಚರಿಕೆ ವಹಿಸಬೇಕು. ಕಾಮಗಾರಿಗಳ ಗುಣಮಟ್ಟದಲ್ಲಿ ಯಾವುದೇ ರಾಜಿ ಆಗಬಾರದು. ಜಿಲ್ಲಾ ಉಸ್ತುವಾರಿ ಸಚಿವರು ಎಲ್ಲಾ ಕಾಮಗಾರಿಗಳ ಪ್ರಗತಿ ಪರಿಶೀಲನೆಯನ್ನು ಮಾಡಬೇಕು. 2024-25ನೇ ಸಾಲಿನಲ್ಲಿ 205 ಯೋಜನೆಗಳ ಪೈಕಿ ಕ್ರಿಯಾಯೋಜನೆ ರೂ. 8,666.50 ಕೋಟಿ ರೂ. ಅನುದಾನ ಹಂಚಿಕೆ ಮಾಡಲಾಗಿದೆ. ಇನ್ನುಳಿದ ಮೊತ್ತ 19 ಕ್ಷೇತ್ರಗಳ ಪ್ರಸ್ತಾವನೆಗಳನ್ನು ತಕ್ಷಣ ಬಿಡುಗಡೆ ಮಾಡಬೇಕು.

ಹೊಸ ವರ್ಷಾಚರಣೆಗೆ ಬೆಂಗಳೂರಿನ
ಈ ಫ್ಲೈಓವರ್‌ಗಳು, ಮೆಟ್ರೋ ಸ್ಟೇಷನ್ ಕ್ಲೋಸ್

ಬೆಂಗಳೂರು: ಹೊಸ ವರ್ಷದ ಸಂಭ್ರಮಾಚರಣೆಗೆ ಬೆಂಗಳೂರಿನಲ್ಲಿ ಭದ್ರತೆ ಹೆಚ್ಚಿಸಲಾಗಿದ್ದು, ಬೆಂಗಳೂರು ನಗರಾದ್ಯಂತ ಪೊಲೀಸ್ ಹೈಅಲರ್ಟ್ ಘೋಷಿಸಲಾಗಿದೆ. ಡಿಸೆಂಬರ್ 31ರಂದು ರಾತ್ರಿ 10 ಗಂಟೆಯ ನಂತರ ನಗರದ ಪ್ರಮುಖ 50 ಫ್ಲೈಓವರ್‌ಗಳನ್ನು ತಾತ್ಕಾಲಿಕವಾಗಿ ಬಂದ್ ಮಾಡಲಾಗುತ್ತದೆ ಎಂದು ಬೆಂಗಳೂರು ನಗರ ಪೊಲೀಸ್ ಆಯುಕ್ತ ಸೀಮಂತ್ ಕುಮಾರ್ ಸಿಂಗ್ ತಿಳಿಸಿದ್ದಾರೆ.

ಎಲ್ಲೆಡೆ ಡ್ರಂಕ್ ಅಂಡ್ ಡ್ರೈವ್ ತಪಾಸಣೆ: ಹೊಸ ವರ್ಷದ ಸಂಭ್ರಮದ ವೇಳೆ ಅಪಘಾತ ಚಟುವಟಿಕೆಗಳಿಗೆ ಕಡಿವಾಣ ಹಾಕಲು ನಗರದಲ್ಲಿ 166 ಕಡೆ ಡ್ರಂಕ್ ಅಂಡ್ ಡ್ರೈವ್ ತಪಾಸಣೆ ನಡೆಸಲಾಗುತ್ತಿದೆ. ಡ್ರೈವಿಂಗ್ ಲೈಸೆನ್ಸ್ ಅಮಾನತು ಸೇರಿ ಕಠಿಣ ಕ್ರಮಕ್ಕೆ ಪೊಲೀಸರು ಮುಂದಾಗಿದ್ದಾರೆ. ಎಂ.ಜಿ ರಸ್ತೆ ಮೆಟ್ರೋ ನಿಲ್ದಾಣ ಬಂದ್: ಡಿಸೆಂಬರ್ 31ರಂದು ರಾತ್ರಿ 10 ಗಂಟೆಯ ನಂತರ ಎಂ.ಜಿ ರಸ್ತೆ ಮೆಟ್ರೋ ನಿಲ್ದಾಣವನ್ನು ಬಂದ್ ಮಾಡಲಾಗುತ್ತದೆ.

ನಗರದ ಪಬ್, ರೆಸ್ಟೋರೆಂಟ್, ಕ್ಲಬ್ ಹಾಗೂ ರೆಸಾರ್ಟ್‌ಗಳಲ್ಲಿ ಸಮಯ ಮಿತಿ ಕಡ್ಡಾಯಗೊಳಿಸಲಾಗಿದ್ದು, ಡಿಜೆ ಹಾಗೂ ಲೌಡ್‌ಸ್ಪೀಕರ್ ಬಳಕೆಗೆ ಅನುಮತಿ ಮತ್ತು ಸಮಯ ನಿಗದಿ ಪಡಿಸಲಾಗಿದೆ. ಬೆಂಗಳೂರು ನಗರಾದ್ಯಂತ 20 ಸಾವಿರ ಪೊಲೀಸ್ ಸಿಬ್ಬಂದಿಯನ್ನು ನಿಯೋಜಿಸಲಾಗಿದ್ದು, ಸಿಸಿಟಿವಿ, ಡ್ರೋನ್ ಹಾಗೂ ತಾಂತ್ರಿಕ ಸಾಧನಗಳ ಮೂಲಕ ನಿಗಾವಹಿಸಲಾಗಿದೆ.

ಎಲ್ಲೆಡೆ ಡ್ರಂಕ್ ಅಂಡ್ ಡ್ರೈವ್ ತಪಾಸಣೆ: ಹೊಸ ವರ್ಷದ ಸಂಭ್ರಮದ ವೇಳೆ ಅಪಘಾತ ಚಟುವಟಿಕೆಗಳಿಗೆ ಕಡಿವಾಣ ಹಾಕಲು ನಗರದಲ್ಲಿ 166 ಕಡೆ ಡ್ರಂಕ್ ಅಂಡ್ ಡ್ರೈವ್ ತಪಾಸಣೆ ನಡೆಸಲಾಗುತ್ತಿದೆ. ಡ್ರೈವಿಂಗ್ ಲೈಸೆನ್ಸ್ ಅಮಾನತು ಸೇರಿ ಕಠಿಣ ಕ್ರಮಕ್ಕೆ ಪೊಲೀಸರು ಮುಂದಾಗಿದ್ದಾರೆ. ಎಂ.ಜಿ ರಸ್ತೆ ಮೆಟ್ರೋ ನಿಲ್ದಾಣ ಬಂದ್: ಡಿಸೆಂಬರ್ 31ರಂದು ರಾತ್ರಿ 10 ಗಂಟೆಯ ನಂತರ ಎಂ.ಜಿ ರಸ್ತೆ ಮೆಟ್ರೋ ನಿಲ್ದಾಣವನ್ನು ಬಂದ್ ಮಾಡಲಾಗುತ್ತದೆ.

ನಗರದ ಪಬ್, ರೆಸ್ಟೋರೆಂಟ್, ಕ್ಲಬ್ ಹಾಗೂ ರೆಸಾರ್ಟ್‌ಗಳಲ್ಲಿ ಸಮಯ ಮಿತಿ ಕಡ್ಡಾಯಗೊಳಿಸಲಾಗಿದ್ದು, ಡಿಜೆ ಹಾಗೂ ಲೌಡ್‌ಸ್ಪೀಕರ್ ಬಳಕೆಗೆ ಅನುಮತಿ ಮತ್ತು ಸಮಯ ನಿಗದಿ ಪಡಿಸಲಾಗಿದೆ. ಬೆಂಗಳೂರು ನಗರಾದ್ಯಂತ 20 ಸಾವಿರ ಪೊಲೀಸ್ ಸಿಬ್ಬಂದಿಯನ್ನು ನಿಯೋಜಿಸಲಾಗಿದ್ದು, ಸಿಸಿಟಿವಿ, ಡ್ರೋನ್ ಹಾಗೂ ತಾಂತ್ರಿಕ ಸಾಧನಗಳ ಮೂಲಕ ನಿಗಾವಹಿಸಲಾಗಿದೆ.

ದಾವಣಗೆರೆ: ಡ್ರಗ್ಸ್ ಪ್ರಕರಣ, ಮತ್ತೆ ನಾಲ್ವರು ಆರೋಪಿಗಳ ಬಂಧನ

ದಾವಣಗೆರೆ: ಇತ್ತೀಚೆಗೆ ನಗರದಲ್ಲಿ ನಡೆದ 290 ಗ್ರಾಂ ಡ್ರಗ್ಸ್ ವಶಕ್ಕೆ ಪಡೆದ ಪ್ರಕರಣ ಸಂಬಂಧ ವಿದ್ಯಾನಗರ ಠಾಣೆ ಪೊಲೀಸರು ಮತ್ತೆ ನಾಲ್ವರು ಆರೋಪಿಗಳನ್ನು ಬಂಧಿಸಿದ್ದಾರೆ. ಈ ಮೂಲಕ ಬಂಧಿತರ ಸಂಖ್ಯೆ ಎಂಟಕ್ಕೆ ಏರಿಕೆಯಾಗಿದೆ. ಡಿಸೆಂಬರ್ 22ರಂದು (ಸೋಮವಾರ) ಡ್ರಗ್ಸ್ ಮಾರಾಟ ಮಾಡುತ್ತಿದ್ದ ಗ್ಯಾಂಗ್ ಮೇಲೆ ದಾವಣಗೆರೆ ಎಸ್‌ಪಿ ಉಮಾ ಪ್ರಶಾಂತ್ ನೇತೃತ್ವದಲ್ಲಿ ವಿದ್ಯಾನಗರ ಠಾಣೆ ಪೊಲೀಸರು ದಾಳಿ ನಡೆಸಿದ್ದರು. ಈ ವೇಳೆ, ಕಾಂಗ್ರೆಸ್ ಮುಖಂಡ ವೇದಮೂರ್ತಿ ಎಸ್.ಬಿ. (53) ಸೇರಿದಂತೆ, ರಾಜ್ಯಾಧ್ಯಕ್ಷ ಮೂಲದ ರಾಹುಲ್ ಸ್ಟಾಯಿಕ್ (33) ಘೋಲಾಪ್ (36) ಹಾಗೂ ದೇವ್ ಕಿಶನ್ (35) ಎಂಬುವರನ್ನು ಬಂಧಿಸಲಾಗಿತ್ತು.

ಎಸ್‌ಪಿ ಮಾಹಿತಿ: ಪ್ರಕರಣದ ಬಗ್ಗೆ ಮಾಧ್ಯಮದವರಿಗೆ ಮಾಹಿತಿ ನೀಡಿದ ಎಸ್‌ಪಿ ಉಮಾಪ್ರಶಾಂತ್, "ಮತ್ತೆ ನಾಲ್ವರು ಆರೋಪಿಗಳ ಬಂಧನವಾಗಿದೆ. ಇದರೊಂದಿಗೆ ಬಂಧಿತರ ಸಂಖ್ಯೆ 8ಕ್ಕೆ ಏರಿಕೆ ಆಗಿದೆ. ಈಗ ಬಂಧಿತರಾದವರು ಈ ಹಿಂದೆ ಬಂಧಿಸಲ್ಪಟ್ಟವರಿಂದ ಡ್ರಗ್ಸ್ ಖರೀದಿಸುತ್ತಿದ್ದರು. ಅಲ್ಲದೆ, ಇವರು ಡ್ರಗ್ಸ್ ಸೇವನೆ ಮಾಡುತ್ತಿದ್ದರು ಎಂದು ತಿಳಿದುಬಂದಿದೆ. ಇವರನ್ನು ನ್ಯಾಯಾಂಗ ಬಂಧನಕ್ಕೆ ಒಪ್ಪಿಸಲಾಗಿದೆ. ತನಿಖೆ ಮುಂದುವರೆದಿದೆ" ಎಂದರು.

ಎಸ್‌ಪಿ ಮಾಹಿತಿ: ಪ್ರಕರಣದ ಬಗ್ಗೆ ಮಾಧ್ಯಮದವರಿಗೆ ಮಾಹಿತಿ ನೀಡಿದ ಎಸ್‌ಪಿ ಉಮಾಪ್ರಶಾಂತ್, "ಮತ್ತೆ ನಾಲ್ವರು ಆರೋಪಿಗಳ ಬಂಧನವಾಗಿದೆ. ಇದರೊಂದಿಗೆ ಬಂಧಿತರ ಸಂಖ್ಯೆ 8ಕ್ಕೆ ಏರಿಕೆ ಆಗಿದೆ. ಈಗ ಬಂಧಿತರಾದವರು ಈ ಹಿಂದೆ ಬಂಧಿಸಲ್ಪಟ್ಟವರಿಂದ ಡ್ರಗ್ಸ್ ಖರೀದಿಸುತ್ತಿದ್ದರು. ಅಲ್ಲದೆ, ಇವರು ಡ್ರಗ್ಸ್ ಸೇವನೆ ಮಾಡುತ್ತಿದ್ದರು ಎಂದು ತಿಳಿದುಬಂದಿದೆ. ಇವರನ್ನು ನ್ಯಾಯಾಂಗ ಬಂಧನಕ್ಕೆ ಒಪ್ಪಿಸಲಾಗಿದೆ. ತನಿಖೆ ಮುಂದುವರೆದಿದೆ" ಎಂದರು.

ದಾವಣಗೆರೆ: ಇತ್ತೀಚೆಗೆ ನಗರದಲ್ಲಿ ನಡೆದ 290 ಗ್ರಾಂ ಡ್ರಗ್ಸ್ ವಶಕ್ಕೆ ಪಡೆದ ಪ್ರಕರಣ ಸಂಬಂಧ ವಿದ್ಯಾನಗರ ಠಾಣೆ ಪೊಲೀಸರು ಮತ್ತೆ ನಾಲ್ವರು ಆರೋಪಿಗಳನ್ನು ಬಂಧಿಸಿದ್ದಾರೆ. ಈ ಮೂಲಕ ಬಂಧಿತರ ಸಂಖ್ಯೆ ಎಂಟಕ್ಕೆ ಏರಿಕೆಯಾಗಿದೆ. ಡಿಸೆಂಬರ್ 22ರಂದು (ಸೋಮವಾರ) ಡ್ರಗ್ಸ್ ಮಾರಾಟ ಮಾಡುತ್ತಿದ್ದ ಗ್ಯಾಂಗ್ ಮೇಲೆ ದಾವಣಗೆರೆ ಎಸ್‌ಪಿ ಉಮಾ ಪ್ರಶಾಂತ್ ನೇತೃತ್ವದಲ್ಲಿ ವಿದ್ಯಾನಗರ ಠಾಣೆ ಪೊಲೀಸರು ದಾಳಿ ನಡೆಸಿದ್ದರು. ಈ ವೇಳೆ, ಕಾಂಗ್ರೆಸ್ ಮುಖಂಡ ವೇದಮೂರ್ತಿ ಎಸ್.ಬಿ. (53) ಸೇರಿದಂತೆ, ರಾಜ್ಯಾಧ್ಯಕ್ಷ ಮೂಲದ ರಾಹುಲ್ ಸ್ಟಾಯಿಕ್ (33) ಘೋಲಾಪ್ (36) ಹಾಗೂ ದೇವ್ ಕಿಶನ್ (35) ಎಂಬುವರನ್ನು ಬಂಧಿಸಲಾಗಿತ್ತು.

ಸಾಕಷ್ಟು ಕಾರ್ಯಕ್ರಮಗಳಿಗೆ ಹೋಗುತ್ತೇನೆ. ಆಗ ನನ್ನ ಜೊತೆ ಸಾಕಷ್ಟು ಜನರು ಫೋಟೋ ತೆಗೆಸಿಕೊಳ್ಳುತ್ತಾರೆ. ಹಾಗಾದರೆ ಅವರು ನನ್ನ ಆಪ್ತರಾಗುತ್ತಾರಾ? ಎಂದು ಪ್ರಶ್ನಿಸಿದರು. ಪ್ರಕರಣ ವಿವರ: ಡಿ.22ರ ಮಧ್ಯಾಹ್ನ ವಿದ್ಯಾನಗರ ಪೊಲೀಸ್ ಠಾಣೆಯ ವ್ಯಾಪ್ತಿಯಲ್ಲಿ ಗಾಂಜಾ, ಚರಸ್ ಮಾರಾಟ ಮಾಡುತ್ತಿದ್ದಾರೆ ಎಂಬ ಮಾಹಿತಿ

ಎಸ್‌ಪಿ ಮಾಹಿತಿ: ಪ್ರಕರಣದ ಬಗ್ಗೆ ಮಾಧ್ಯಮದವರಿಗೆ ಮಾಹಿತಿ ನೀಡಿದ ಎಸ್‌ಪಿ ಉಮಾಪ್ರಶಾಂತ್, "ಮತ್ತೆ ನಾಲ್ವರು ಆರೋಪಿಗಳ ಬಂಧನವಾಗಿದೆ. ಇದರೊಂದಿಗೆ ಬಂಧಿತರ ಸಂಖ್ಯೆ 8ಕ್ಕೆ ಏರಿಕೆ ಆಗಿದೆ. ಈಗ ಬಂಧಿತರಾದವರು ಈ ಹಿಂದೆ ಬಂಧಿಸಲ್ಪಟ್ಟವರಿಂದ ಡ್ರಗ್ಸ್ ಖರೀದಿಸುತ್ತಿದ್ದರು. ಅಲ್ಲದೆ, ಇವರು ಡ್ರಗ್ಸ್ ಸೇವನೆ ಮಾಡುತ್ತಿದ್ದರು ಎಂದು ತಿಳಿದುಬಂದಿದೆ. ಇವರನ್ನು ನ್ಯಾಯಾಂಗ ಬಂಧನಕ್ಕೆ ಒಪ್ಪಿಸಲಾಗಿದೆ. ತನಿಖೆ ಮುಂದುವರೆದಿದೆ" ಎಂದರು.

ಪೊಲೀಸರಿಗೆ ಬಂದಿತ್ತು. ಬಳಿಕ ದಾಳಿ ನಡೆಸಿದ ಪೊಲೀಸರು, ನಾಲ್ವರನ್ನು ಬಂಧಿಸಿ, 10 ಲಕ್ಷ ರೂ. ಮೌಲ್ಯದ 90 ಗ್ರಾಂ ಎಂಡಿಎಂಎ ಹಾಗೂ 200 ಗ್ರಾಂ ಒಪಿಯಂ ಎಂಬ ಮಾದಕ ವಸ್ತುಗಳನ್ನು ವಶಕ್ಕೆ ಪಡೆದಿದ್ದರು. ಅಲ್ಲದೆ, 1 ಲಕ್ಷ ರೂ. ನಗದು ಸೇರಿದಂತೆ 11 ಲಕ್ಷ ಮೌಲ್ಯದ ಸ್ವತ್ತನ್ನು ವಶಕ್ಕೆ ಪಡೆಯಲಾಗಿತ್ತು.

ದಾವಣಗೆರೆ: ಇತ್ತೀಚೆಗೆ ನಗರದಲ್ಲಿ ನಡೆದ 290 ಗ್ರಾಂ ಡ್ರಗ್ಸ್ ವಶಕ್ಕೆ ಪಡೆದ ಪ್ರಕರಣ ಸಂಬಂಧ ವಿದ್ಯಾನಗರ ಠಾಣೆ ಪೊಲೀಸರು ಮತ್ತೆ ನಾಲ್ವರು ಆರೋಪಿಗಳನ್ನು ಬಂಧಿಸಿದ್ದಾರೆ. ಈ ಮೂಲಕ ಬಂಧಿತರ ಸಂಖ್ಯೆ ಎಂಟಕ್ಕೆ ಏರಿಕೆಯಾಗಿದೆ. ಡಿಸೆಂಬರ್ 22ರಂದು (ಸೋಮವಾರ) ಡ್ರಗ್ಸ್ ಮಾರಾಟ ಮಾಡುತ್ತಿದ್ದ ಗ್ಯಾಂಗ್ ಮೇಲೆ ದಾವಣಗೆರೆ ಎಸ್‌ಪಿ ಉಮಾ ಪ್ರಶಾಂತ್ ನೇತೃತ್ವದಲ್ಲಿ ವಿದ್ಯಾನಗರ ಠಾಣೆ ಪೊಲೀಸರು ದಾಳಿ ನಡೆಸಿದ್ದರು. ಈ ವೇಳೆ, ಕಾಂಗ್ರೆಸ್ ಮುಖಂಡ ವೇದಮೂರ್ತಿ ಎಸ್.ಬಿ. (53) ಸೇರಿದಂತೆ, ರಾಜ್ಯಾಧ್ಯಕ್ಷ ಮೂಲದ ರಾಹುಲ್ ಸ್ಟಾಯಿಕ್ (33) ಘೋಲಾಪ್ (36) ಹಾಗೂ ದೇವ್ ಕಿಶನ್ (35) ಎಂಬುವರನ್ನು ಬಂಧಿಸಲಾಗಿತ್ತು.

ಉಡುಪಿ: ಬಸ್ ಮಾಲೀಕ ಸೈಫುದ್ದೀನ್ ಕೊಲೆ; 6 ಆರೋಪಿಗಳ ವಿರುದ್ಧ ಕೋಕಾ ಕೇಸ್

ಉಡುಪಿ ಮಲ್ಪೆ ಪೊಲೀಸ್ ಠಾಣಾ ವ್ಯಾಪ್ತಿಯ ಕೊಡವೂರು ಗ್ರಾಮದ ನಾಗಬನದ ಸಮೀಪ ನಡೆದ ಬಸ್ ಮಾಲೀಕ ಸೈಫುದ್ದೀನ್ ಕೊಲೆ ಪ್ರಕರಣಕ್ಕೆ ಸಂಬಂಧಿಸಿ, ತನಿಖೆಯ ಬಳಿಕ ಆರೋಪಿಗಳ ವಿರುದ್ಧ ಕರ್ನಾಟಕ ಸಂಘಟಿತ ಅಪರಾಧ ನಿಯಂತ್ರಣ ಕಾಯ್ದೆ (KCOCA) ಕಾಯ್ದೆಯ ಸೆಕ್ಷನ್ 3 ಅಡಿಯಲ್ಲಿ ಪ್ರಕರಣ ದಾಖಲಿಸಲಾಗಿದೆ. 27-09-2025ರಂದು ಬೆಳಗ್ಗೆ ಫೈಜಲ್ ಖಾನ್ ಎಂಬಾತ ಮಲಿಸಾಬ ಕಾಯಿನ್ ಸೇರಿದಂತೆ ಅವರು ಸೈಫುದ್ದೀನ್ ಅವರನ್ನು ಮಲ್ಪೆಗೆ ಕರೆದೊಯ್ದರು.

ಒದಗಿಸಿದ್ದ ಆರೋಪಿ ಮೊಹಮ್ಮದ್ ನಿಯಾಜ್ (31)ನನ್ನು 15-12-2025 ರಂದು ದಸ್ತಗಿರಿ ಮಾಡಲಾಗಿತ್ತು. ಪ್ರಕರಣದ ಮತ್ತೋರ್ವ ಪ್ರಮುಖ ಆರೋಪಿ ವಿದೇಶದಲ್ಲಿ ತಲೆಮರೆಸಿಕೊಂಡಿದ್ದಾನೆ. ಈ ಆರೋಪಿಗಳು ಅಪರಾಧ ಹಿನ್ನೆಲೆ ಹೊಂದಿರುವುದರಿಂದ ಹಾಗೂ ಪ್ರಕರಣದ ಗಂಭೀರತೆ ಪರಿಗಣಿಸಿ, ಆರೋಪಿಗಳ ವಿರುದ್ಧ ಕೋಕಾ ಸೆಕ್ಷನ್ 3 ಅನ್ವಯಿಸಲಾಗಿದೆ. ತನಿಖೆ ಅವಧಿಯನ್ನು 90 ದಿನದಿಂದ 180 ದಿನಕ್ಕೆ ವಿಸ್ತರಿಸಲಾಗಿದೆ ಎಂದು ಎಸ್ಪಿ ತಿಳಿಸಿದ್ದಾರೆ.

ಹೋಗಿ, ಬೆಳಗ್ಗೆ 10.15ರಿಂದ 11.30ರ ಮಧ್ಯೆ ಉಡುಪಿ ತಾಲೂಕು ಕೊಡವೂರು ಗ್ರಾಮದ ನಾಗಬನದ ಬಳಿ ಇರುವ (ಎಚ್.ಎ ಮಂಜಿಲ್) ಮನೆಯಲ್ಲಿ ಮಚ್ಚಿನಿಂದ ತಲೆ ಮತ್ತು ಬೆನ್ನಿಗೆ

108/2025 ಕಲಂ 103 ಹಾಗೂ 3(5) ಬಿಎನ್‌ಎಸ್ ಅಡಿಯಲ್ಲಿ ಪ್ರಕರಣ ದಾಖಲಾಗಿತ್ತು. ಆರೋಪಿಗಳಾದ ಮಹಮ್ಮದ್ ಫೈಜಲ್ ಖಾನ್ (27), ಮುಹಮ್ಮದ್ ಶರೀಫ್ (37) ಮತ್ತು

ಹೊಡೆದು ಕೊಲೆ ಮಾಡಿದ್ದರು. ಕೊಲೆಯ ಬಳಿಕ ಆರೋಪಿಗಳು ಕಾರಿನಲ್ಲಿ ಪರಾರಿಯಾಗಿದ್ದರು. ಈ ಸಂಬಂಧ ಮಲ್ಪೆ ಪೊಲೀಸ್ ಠಾಣೆಯಲ್ಲಿ ಅಪರಾಧ ಕ್ರಮಾಂಕ

ಅಬ್ದುಲ್ ಶುಕೂರ್ (43) ಮತ್ತು ನಾಲ್ಕನೇ ಆರೋಪಿ ರಿಧಾ ಶಬನಾ (27) ಅವರನ್ನು ಬಂಧಿಸಲಾಗಿತ್ತು. ಅದೇ ರೀತಿ, ಆರೋಪಿಗಳಿಗೆ ಆಯುಧ

ಒದಗಿಸಿದ್ದ ಆರೋಪಿ ಮೊಹಮ್ಮದ್ ನಿಯಾಜ್ (31)ನನ್ನು 15-12-2025 ರಂದು ದಸ್ತಗಿರಿ ಮಾಡಲಾಗಿತ್ತು. ಪ್ರಕರಣದ ಮತ್ತೋರ್ವ ಪ್ರಮುಖ ಆರೋಪಿ ವಿದೇಶದಲ್ಲಿ ತಲೆಮರೆಸಿಕೊಂಡಿದ್ದಾನೆ. ಈ ಆರೋಪಿಗಳು ಅಪರಾಧ ಹಿನ್ನೆಲೆ ಹೊಂದಿರುವುದರಿಂದ ಹಾಗೂ ಪ್ರಕರಣದ ಗಂಭೀರತೆ ಪರಿಗಣಿಸಿ, ಆರೋಪಿಗಳ ವಿರುದ್ಧ ಕೋಕಾ ಸೆಕ್ಷನ್ 3 ಅನ್ವಯಿಸಲಾಗಿದೆ. ತನಿಖೆ ಅವಧಿಯನ್ನು 90 ದಿನದಿಂದ 180 ದಿನಕ್ಕೆ ವಿಸ್ತರಿಸಲಾಗಿದೆ ಎಂದು ಎಸ್ಪಿ ತಿಳಿಸಿದ್ದಾರೆ.

ಉಡುಪಿ ಮಲ್ಪೆ ಪೊಲೀಸ್ ಠಾಣಾ ವ್ಯಾಪ್ತಿಯ ಕೊಡವೂರು ಗ್ರಾಮದ ನಾಗಬನದ ಸಮೀಪ ನಡೆದ ಬಸ್ ಮಾಲೀಕ ಸೈಫುದ್ದೀನ್ ಕೊಲೆ ಪ್ರಕರಣಕ್ಕೆ ಸಂಬಂಧಿಸಿ, ತನಿಖೆಯ ಬಳಿಕ ಆರೋಪಿಗಳ ವಿರುದ್ಧ ಕರ್ನಾಟಕ ಸಂಘಟಿತ ಅಪರಾಧ ನಿಯಂತ್ರಣ ಕಾಯ್ದೆ (KCOCA) ಕಾಯ್ದೆಯ ಸೆಕ್ಷನ್ 3 ಅಡಿಯಲ್ಲಿ ಪ್ರಕರಣ ದಾಖಲಿಸಲಾಗಿದೆ. 27-09-2025ರಂದು ಬೆಳಗ್ಗೆ ಫೈಜಲ್ ಖಾನ್ ಎಂಬಾತ ಮಲಿಸಾಬ ಕಾಯಿನ್ ಸೇರಿದಂತೆ ಅವರು ಸೈಫುದ್ದೀನ್ ಅವರನ್ನು ಮಲ್ಪೆಗೆ ಕರೆದೊಯ್ದರು.
